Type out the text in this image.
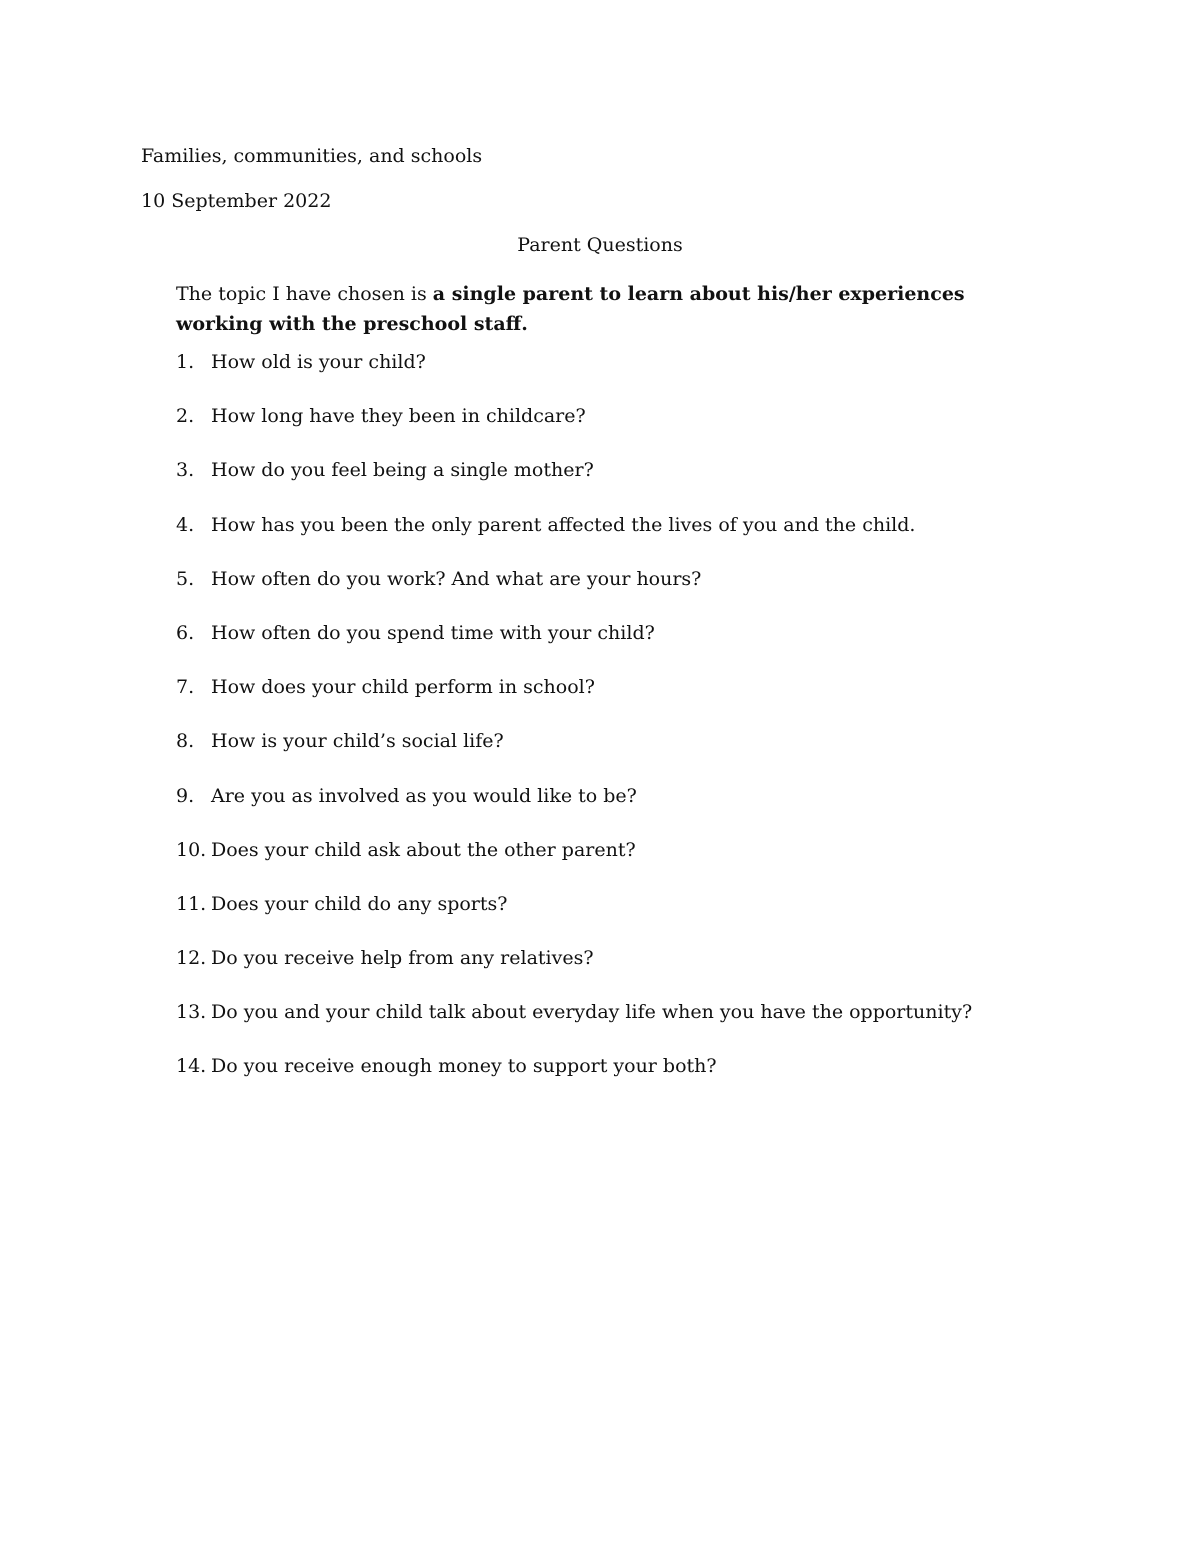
Families, communities, and schools
10 September 2022
Parent Questions
The topic I have chosen is a single parent to learn about his/her experiences working with the preschool staff.
1. How old is your child?
2. How long have they been in childcare?
3. How do you feel being a single mother?
4. How has you been the only parent affected the lives of you and the child.
5. How often do you work? And what are your hours?
6. How often do you spend time with your child?
7. How does your child perform in school?
8. How is your child’s social life?
9. Are you as involved as you would like to be?
10. Does your child ask about the other parent?
11. Does your child do any sports?
12. Do you receive help from any relatives?
13. Do you and your child talk about everyday life when you have the opportunity?
14. Do you receive enough money to support your both?
